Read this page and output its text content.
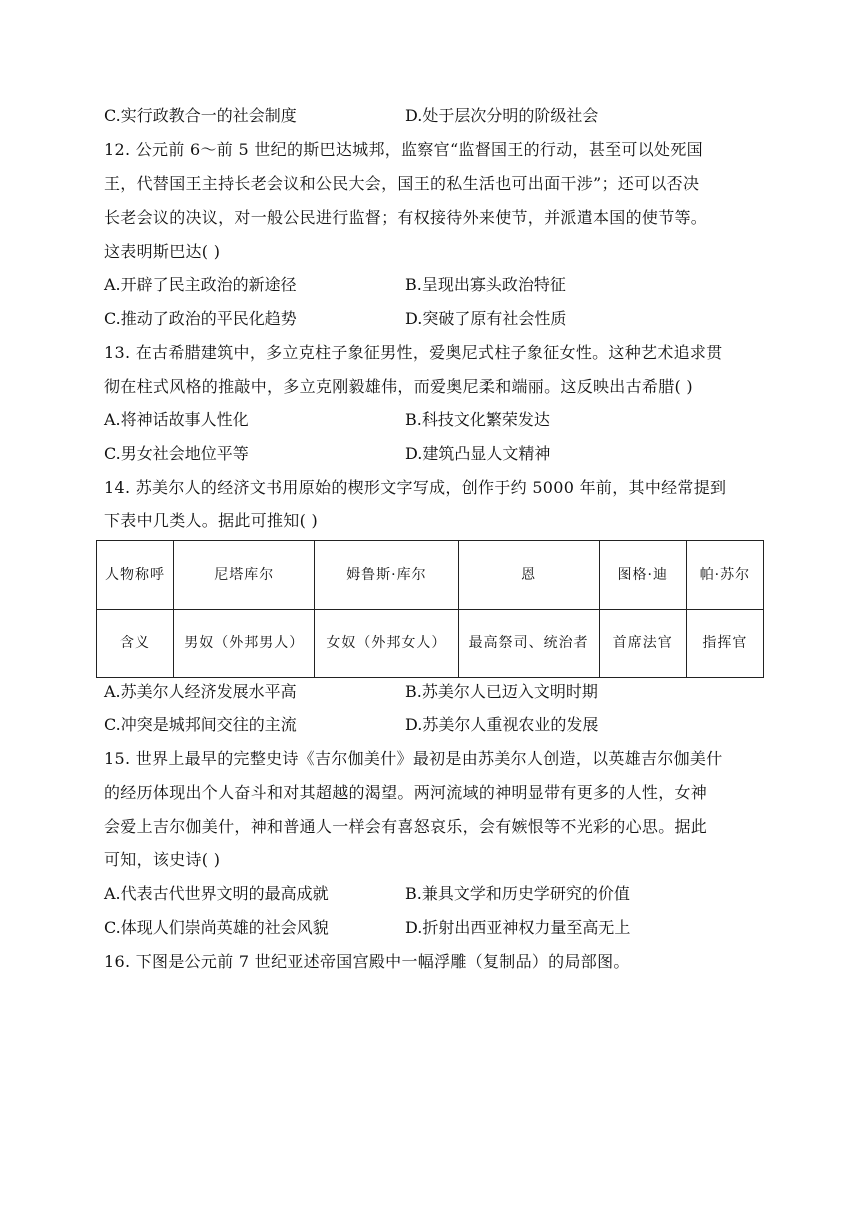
C.实行政教合一的社会制度	D.处于层次分明的阶级社会
12. 公元前 6～前 5 世纪的斯巴达城邦，监察官“监督国王的行动，甚至可以处死国
王，代替国王主持长老会议和公民大会，国王的私生活也可出面干涉”；还可以否决
长老会议的决议，对一般公民进行监督；有权接待外来使节，并派遣本国的使节等。
这表明斯巴达( )
A.开辟了民主政治的新途径	B.呈现出寡头政治特征
C.推动了政治的平民化趋势	D.突破了原有社会性质
13. 在古希腊建筑中，多立克柱子象征男性，爱奥尼式柱子象征女性。这种艺术追求贯
彻在柱式风格的推敲中，多立克刚毅雄伟，而爱奥尼柔和端丽。这反映出古希腊( )
A.将神话故事人性化	B.科技文化繁荣发达
C.男女社会地位平等	D.建筑凸显人文精神
14. 苏美尔人的经济文书用原始的楔形文字写成，创作于约 5000 年前，其中经常提到
下表中几类人。据此可推知( )
人物称呼	尼塔库尔	姆鲁斯·库尔	恩	图格·迪	帕·苏尔
含义	男奴（外邦男人）	女奴（外邦女人）	最高祭司、统治者	首席法官	指挥官
A.苏美尔人经济发展水平高	B.苏美尔人已迈入文明时期
C.冲突是城邦间交往的主流	D.苏美尔人重视农业的发展
15. 世界上最早的完整史诗《吉尔伽美什》最初是由苏美尔人创造，以英雄吉尔伽美什
的经历体现出个人奋斗和对其超越的渴望。两河流域的神明显带有更多的人性，女神
会爱上吉尔伽美什，神和普通人一样会有喜怒哀乐，会有嫉恨等不光彩的心思。据此
可知，该史诗( )
A.代表古代世界文明的最高成就	B.兼具文学和历史学研究的价值
C.体现人们崇尚英雄的社会风貌	D.折射出西亚神权力量至高无上
16. 下图是公元前 7 世纪亚述帝国宫殿中一幅浮雕（复制品）的局部图。
